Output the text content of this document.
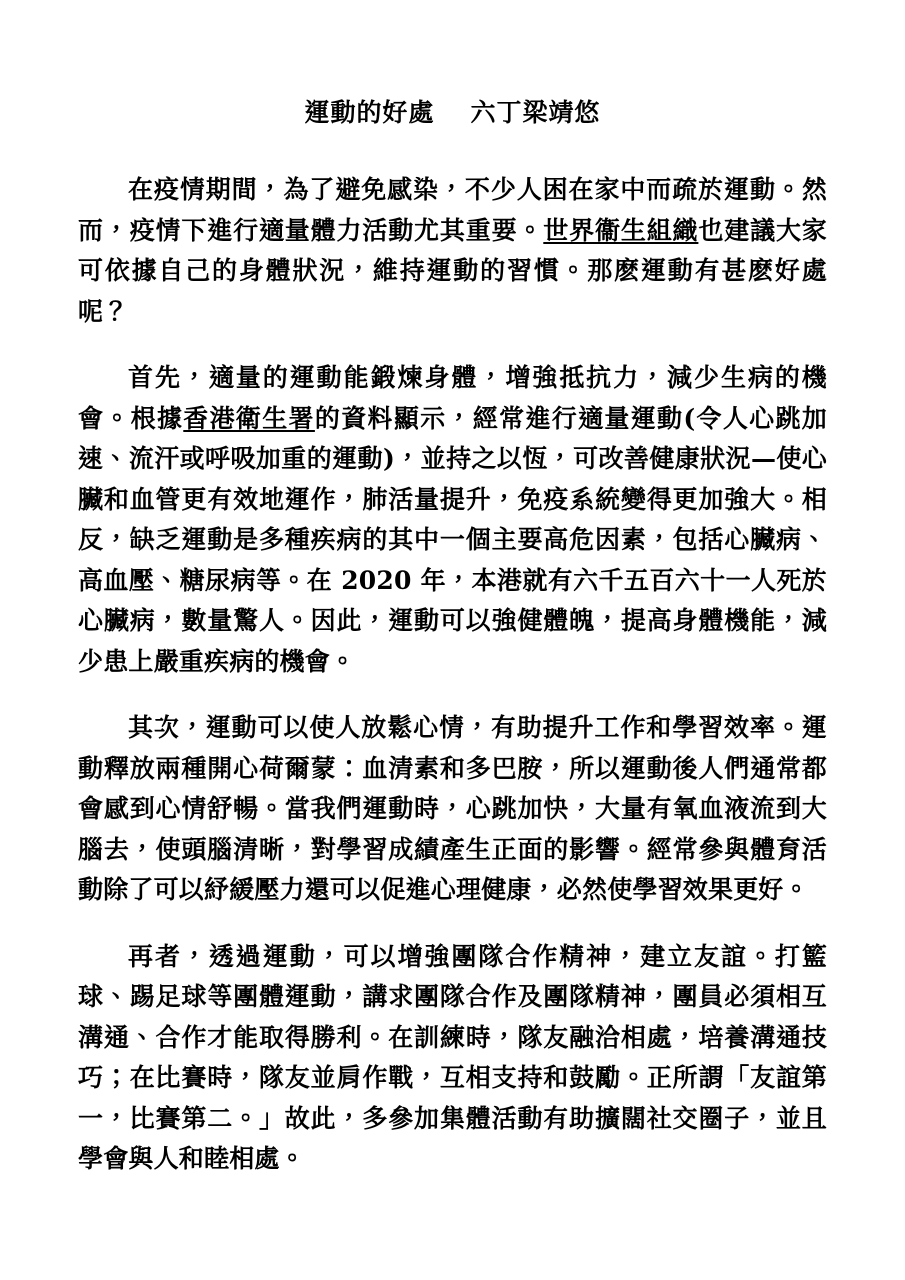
運動的好處 六丁梁靖悠

在疫情期間，為了避免感染，不少人困在家中而疏於運動。然而，疫情下進行適量體力活動尤其重要。世界衞生組織也建議大家可依據自己的身體狀況，維持運動的習慣。那麽運動有甚麽好處呢？

首先，適量的運動能鍛煉身體，增強抵抗力，減少生病的機會。根據香港衛生署的資料顯示，經常進行適量運動(令人心跳加速、流汗或呼吸加重的運動)，並持之以恆，可改善健康狀況—使心臟和血管更有效地運作，肺活量提升，免疫系統變得更加強大。相反，缺乏運動是多種疾病的其中一個主要高危因素，包括心臟病、高血壓、糖尿病等。在 2020 年，本港就有六千五百六十一人死於心臟病，數量驚人。因此，運動可以強健體魄，提高身體機能，減少患上嚴重疾病的機會。

其次，運動可以使人放鬆心情，有助提升工作和學習效率。運動釋放兩種開心荷爾蒙：血清素和多巴胺，所以運動後人們通常都會感到心情舒暢。當我們運動時，心跳加快，大量有氧血液流到大腦去，使頭腦清晰，對學習成績產生正面的影響。經常參與體育活動除了可以紓緩壓力還可以促進心理健康，必然使學習效果更好。

再者，透過運動，可以增強團隊合作精神，建立友誼。打籃球、踢足球等團體運動，講求團隊合作及團隊精神，團員必須相互溝通、合作才能取得勝利。在訓練時，隊友融洽相處，培養溝通技巧；在比賽時，隊友並肩作戰，互相支持和鼓勵。正所謂「友誼第一，比賽第二。」故此，多參加集體活動有助擴闊社交圈子，並且學會與人和睦相處。
